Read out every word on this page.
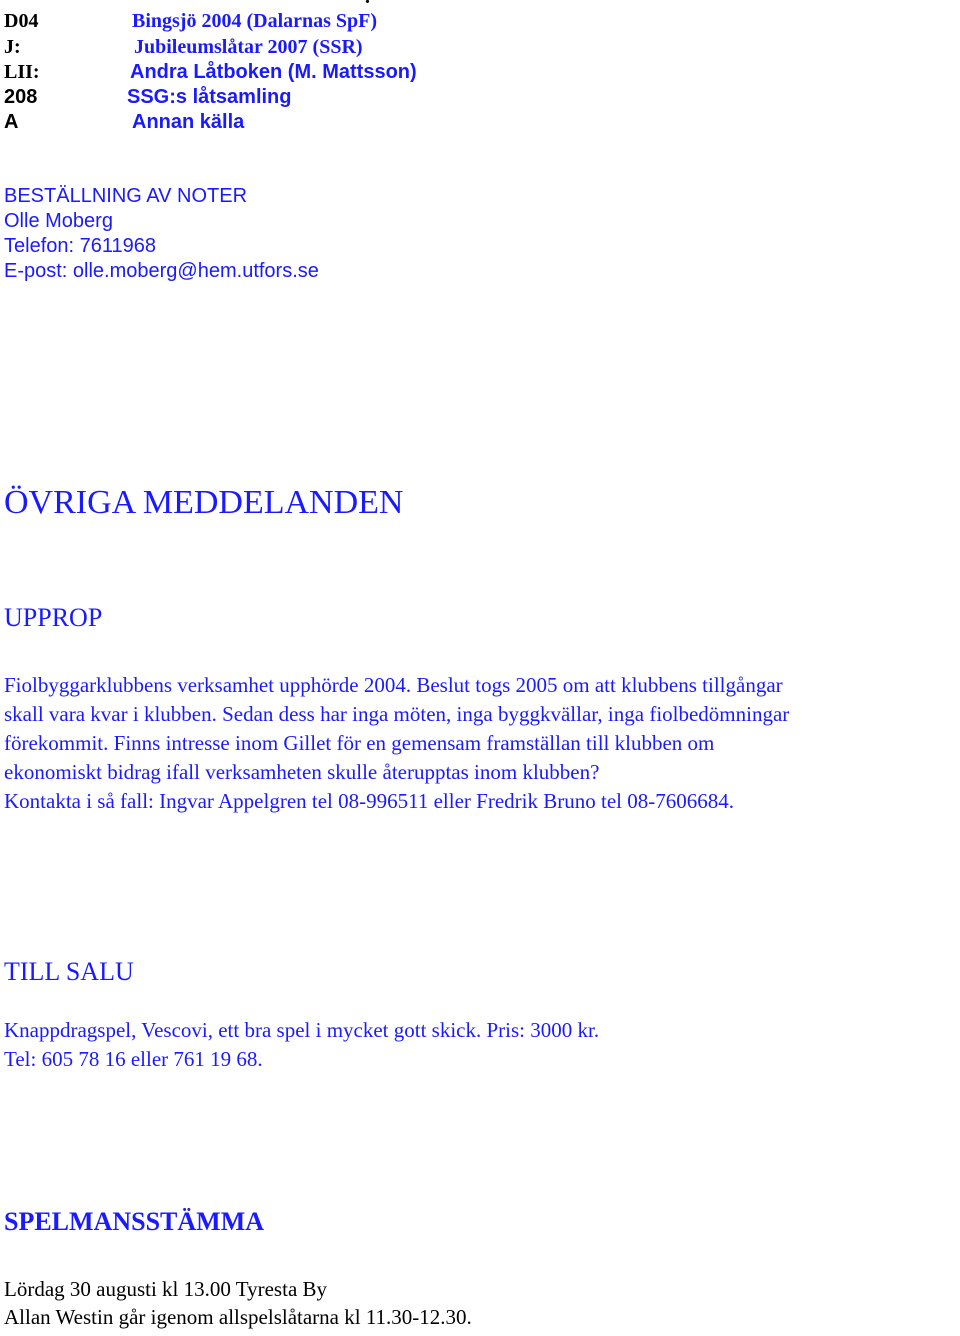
D04	Bingsjö 2004 (Dalarnas SpF)
J:	Jubileumslåtar 2007 (SSR)
LII:	Andra Låtboken (M. Mattsson)
208	SSG:s låtsamling
A	Annan källa
BESTÄLLNING AV NOTER
Olle Moberg
Telefon: 7611968
E-post: olle.moberg@hem.utfors.se
ÖVRIGA MEDDELANDEN
UPPROP
Fiolbyggarklubbens verksamhet upphörde 2004. Beslut togs 2005 om att klubbens tillgångar
skall vara kvar i klubben. Sedan dess har inga möten, inga byggkvällar, inga fiolbedömningar
förekommit. Finns intresse inom Gillet för en gemensam framställan till klubben om
ekonomiskt bidrag ifall verksamheten skulle återupptas inom klubben?
Kontakta i så fall: Ingvar Appelgren tel 08-996511 eller Fredrik Bruno tel 08-7606684.
TILL SALU
Knappdragspel, Vescovi, ett bra spel i mycket gott skick. Pris: 3000 kr.
Tel: 605 78 16 eller 761 19 68.
SPELMANSSTÄMMA
Lördag 30 augusti kl 13.00 Tyresta By
Allan Westin går igenom allspelslåtarna kl 11.30-12.30.
